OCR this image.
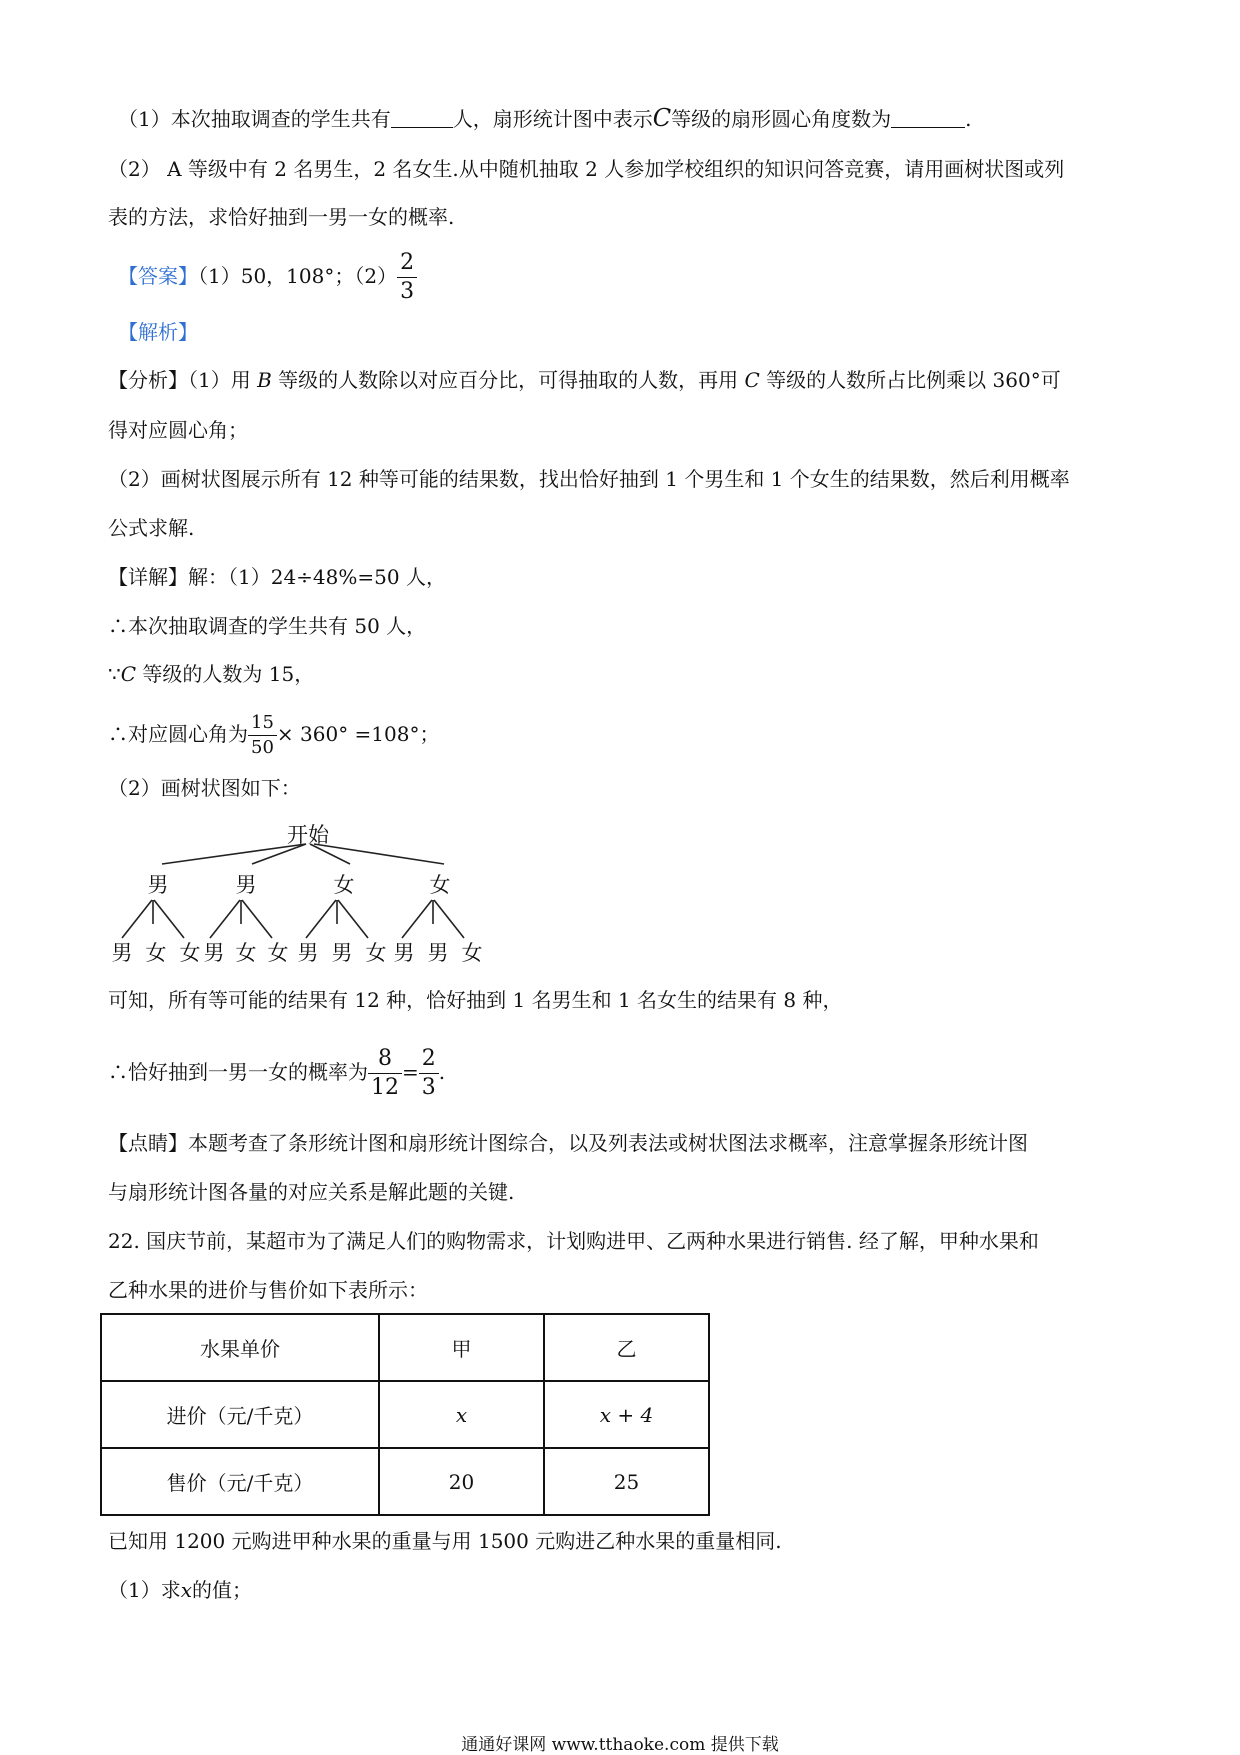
（1）本次抽取调查的学生共有	人，扇形统计图中表示C等级的扇形圆心角度数为	.
（2） A 等级中有 2 名男生，2 名女生.从中随机抽取 2 人参加学校组织的知识问答竞赛，请用画树状图或列
表的方法，求恰好抽到一男一女的概率.
【答案】（1）50，108°；$(2) \frac{2}{3}$
【解析】
【分析】（1）用 B 等级的人数除以对应百分比，可得抽取的人数，再用 C 等级的人数所占比例乘以 360°可
得对应圆心角；
（2）画树状图展示所有 12 种等可能的结果数，找出恰好抽到 1 个男生和 1 个女生的结果数，然后利用概率
公式求解.
【详解】解：（1）24÷48%=50 人，
∴本次抽取调查的学生共有 50 人，
∵C 等级的人数为 15，
∴对应圆心角为 $\frac{15}{50} \times 360^\circ =108^\circ$；
（2）画树状图如下：
开始
男	男	女	女
男 女 女 男 女 女 男 男 女 男 男 女
可知，所有等可能的结果有 12 种，恰好抽到 1 名男生和 1 名女生的结果有 8 种，
∴恰好抽到一男一女的概率为 $\frac{8}{12} = \frac{2}{3}$ .
【点睛】本题考查了条形统计图和扇形统计图综合，以及列表法或树状图法求概率，注意掌握条形统计图
与扇形统计图各量的对应关系是解此题的关键.
22. 国庆节前，某超市为了满足人们的购物需求，计划购进甲、乙两种水果进行销售. 经了解，甲种水果和
乙种水果的进价与售价如下表所示：
水果单价	甲	乙
进价（元/千克）	x	x + 4
售价（元/千克）	20	25
已知用 1200 元购进甲种水果的重量与用 1500 元购进乙种水果的重量相同.
（1）求x的值；
通通好课网 www.tthaoke.com 提供下载
